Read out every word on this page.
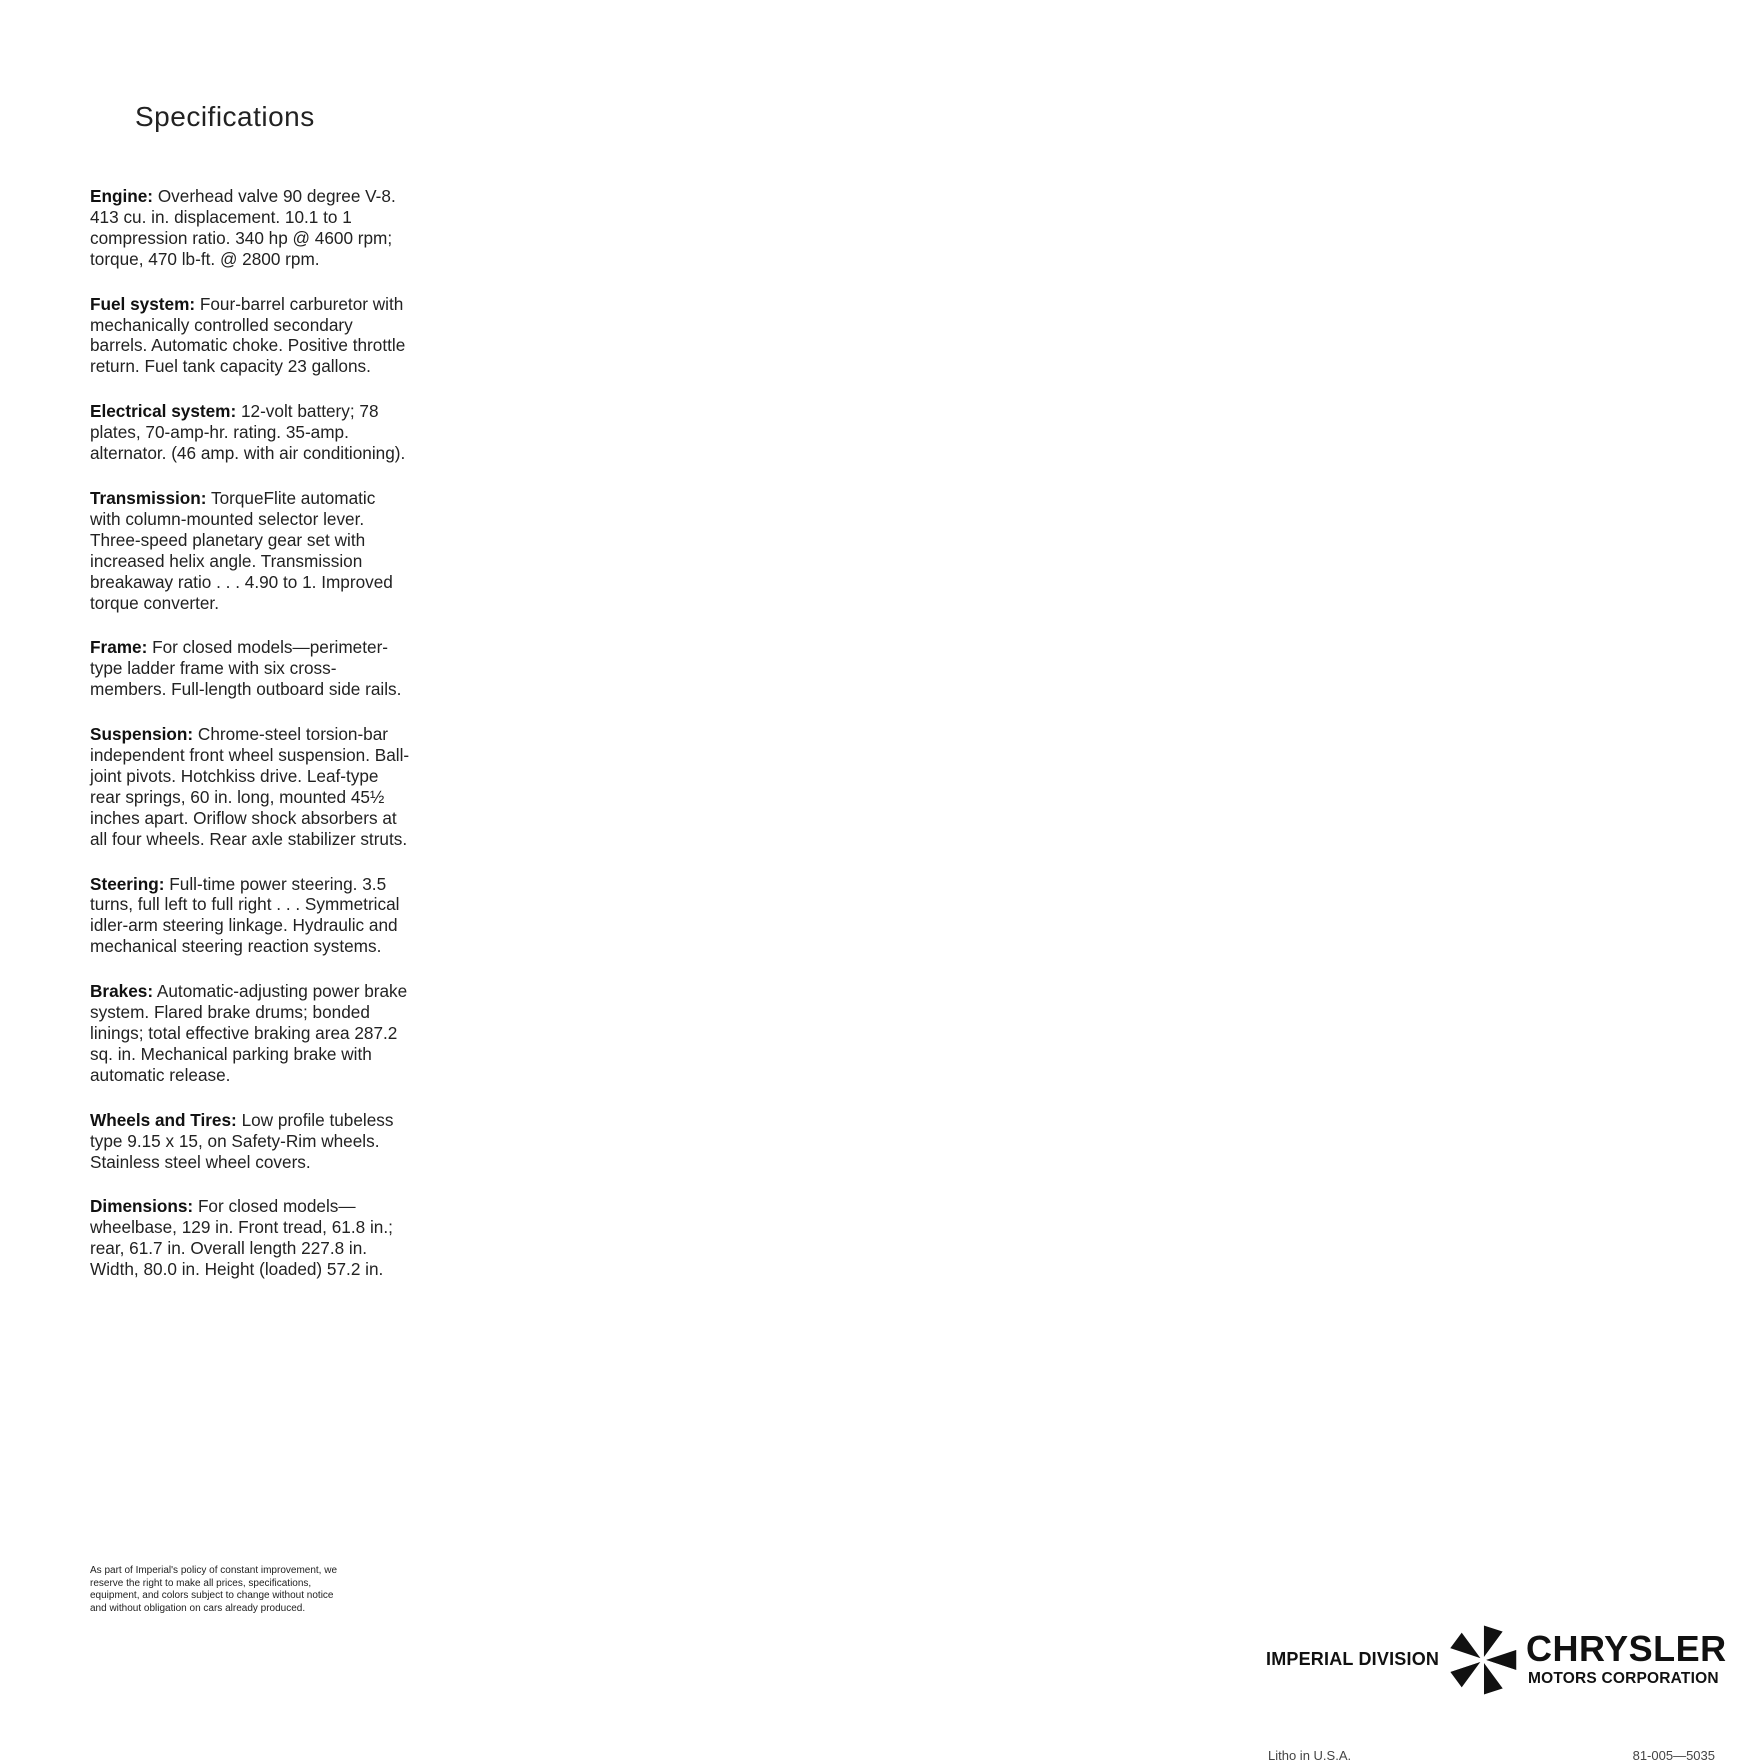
Specifications

Engine: Overhead valve 90 degree V-8. 413 cu. in. displacement. 10.1 to 1 compression ratio. 340 hp @ 4600 rpm; torque, 470 lb-ft. @ 2800 rpm.

Fuel system: Four-barrel carburetor with mechanically controlled secondary barrels. Automatic choke. Positive throttle return. Fuel tank capacity 23 gallons.

Electrical system: 12-volt battery; 78 plates, 70-amp-hr. rating. 35-amp. alternator. (46 amp. with air conditioning).

Transmission: TorqueFlite automatic with column-mounted selector lever. Three-speed planetary gear set with increased helix angle. Transmission breakaway ratio . . . 4.90 to 1. Improved torque converter.

Frame: For closed models—perimeter-type ladder frame with six cross-members. Full-length outboard side rails.

Suspension: Chrome-steel torsion-bar independent front wheel suspension. Ball-joint pivots. Hotchkiss drive. Leaf-type rear springs, 60 in. long, mounted 45½ inches apart. Oriflow shock absorbers at all four wheels. Rear axle stabilizer struts.

Steering: Full-time power steering. 3.5 turns, full left to full right . . . Symmetrical idler-arm steering linkage. Hydraulic and mechanical steering reaction systems.

Brakes: Automatic-adjusting power brake system. Flared brake drums; bonded linings; total effective braking area 287.2 sq. in. Mechanical parking brake with automatic release.

Wheels and Tires: Low profile tubeless type 9.15 x 15, on Safety-Rim wheels. Stainless steel wheel covers.

Dimensions: For closed models—wheelbase, 129 in. Front tread, 61.8 in.; rear, 61.7 in. Overall length 227.8 in. Width, 80.0 in. Height (loaded) 57.2 in.

As part of Imperial's policy of constant improvement, we reserve the right to make all prices, specifications, equipment, and colors subject to change without notice and without obligation on cars already produced.

IMPERIAL DIVISION CHRYSLER
MOTORS CORPORATION
Litho in U.S.A.	81-005—5035
